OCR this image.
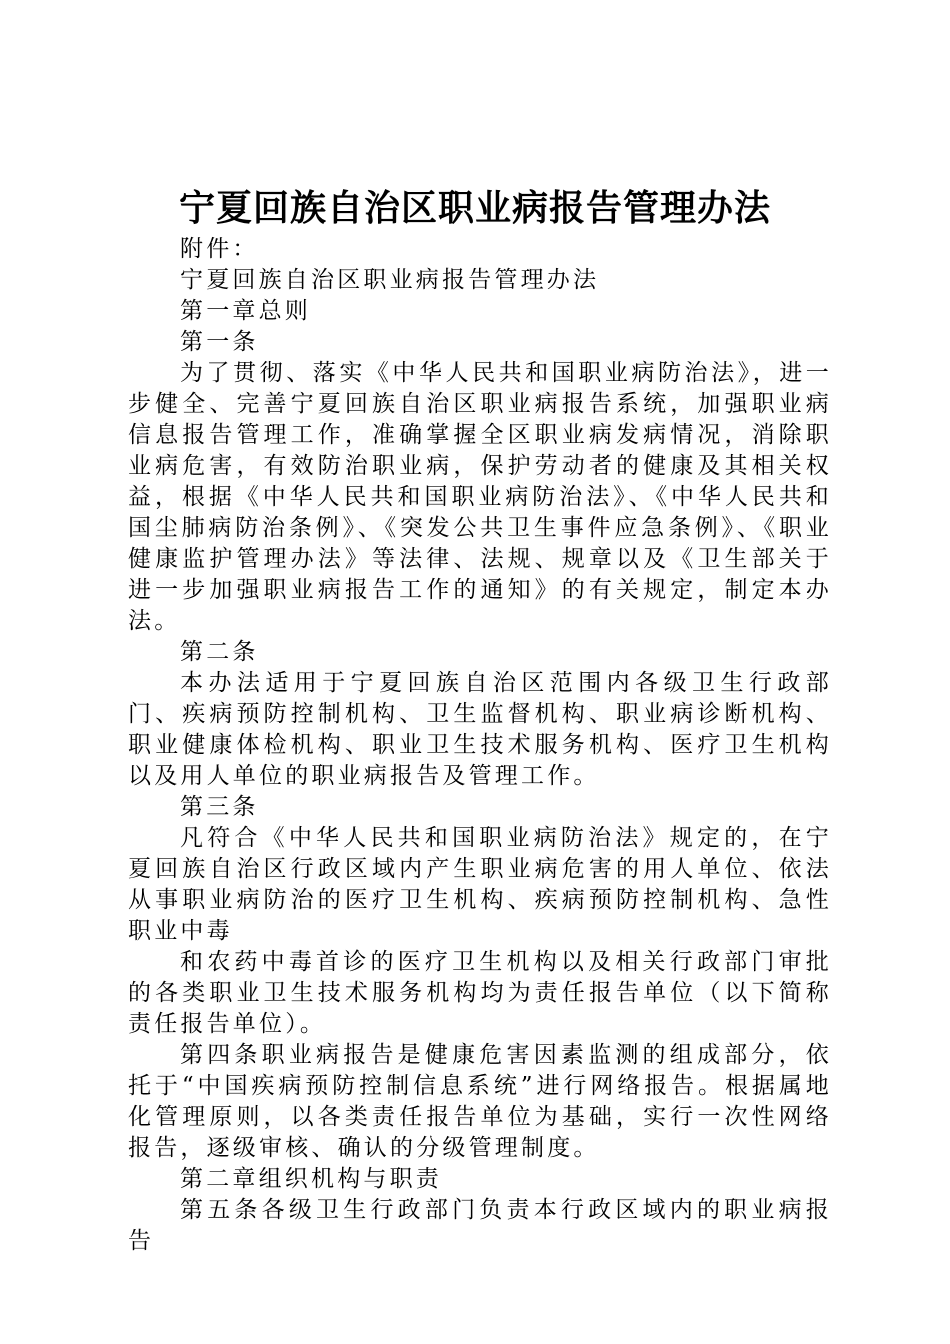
宁夏回族自治区职业病报告管理办法
附件：
宁夏回族自治区职业病报告管理办法
第一章总则
第一条

为了贯彻、落实《中华人民共和国职业病防治法》，进一步健全、完善宁夏回族自治区职业病报告系统，加强职业病信息报告管理工作，准确掌握全区职业病发病情况，消除职业病危害，有效防治职业病，保护劳动者的健康及其相关权益，根据《中华人民共和国职业病防治法》、《中华人民共和国尘肺病防治条例》、《突发公共卫生事件应急条例》、《职业健康监护管理办法》等法律、法规、规章以及《卫生部关于进一步加强职业病报告工作的通知》的有关规定，制定本办法。

第二条

本办法适用于宁夏回族自治区范围内各级卫生行政部门、疾病预防控制机构、卫生监督机构、职业病诊断机构、职业健康体检机构、职业卫生技术服务机构、医疗卫生机构以及用人单位的职业病报告及管理工作。

第三条

凡符合《中华人民共和国职业病防治法》规定的，在宁夏回族自治区行政区域内产生职业病危害的用人单位、依法从事职业病防治的医疗卫生机构、疾病预防控制机构、急性职业中毒

和农药中毒首诊的医疗卫生机构以及相关行政部门审批的各类职业卫生技术服务机构均为责任报告单位（以下简称责任报告单位）。

第四条职业病报告是健康危害因素监测的组成部分，依托于“中国疾病预防控制信息系统”进行网络报告。根据属地化管理原则，以各类责任报告单位为基础，实行一次性网络报告，逐级审核、确认的分级管理制度。

第二章组织机构与职责

第五条各级卫生行政部门负责本行政区域内的职业病报告
